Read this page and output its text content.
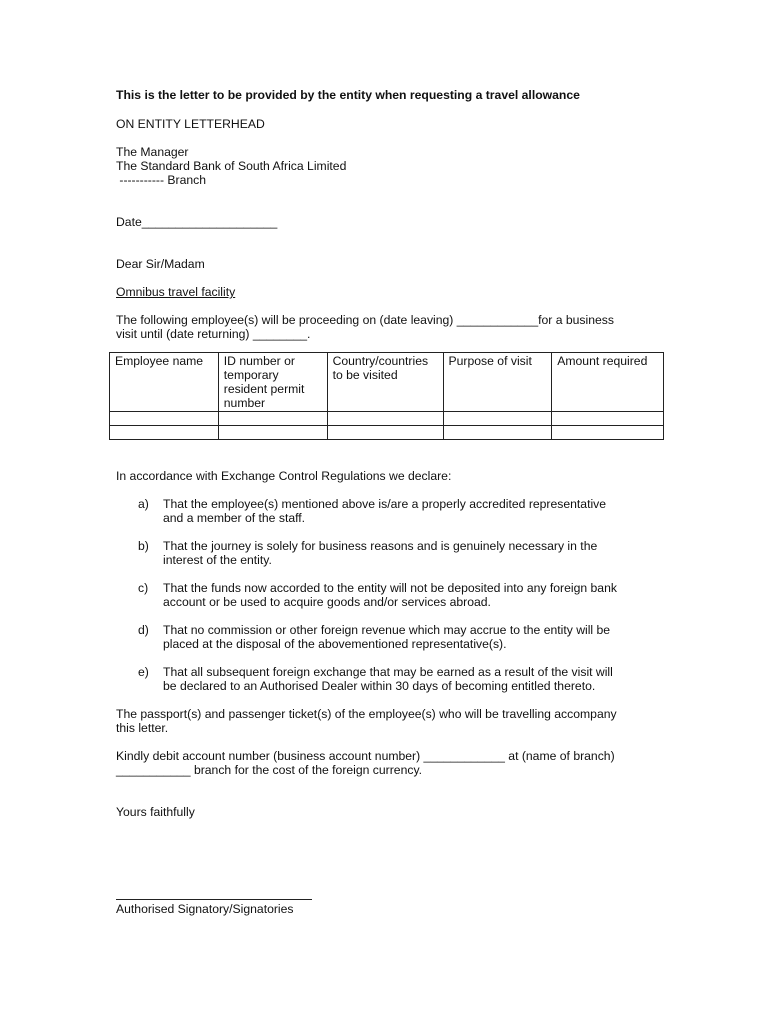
This is the letter to be provided by the entity when requesting a travel allowance
ON ENTITY LETTERHEAD
The Manager
The Standard Bank of South Africa Limited
----------- Branch
Date____________________
Dear Sir/Madam
Omnibus travel facility
The following employee(s) will be proceeding on (date leaving) ____________for a business
visit until (date returning) ________.
Employee name	ID number or temporary resident permit number	Country/countries to be visited	Purpose of visit	Amount required

In accordance with Exchange Control Regulations we declare:
a)	That the employee(s) mentioned above is/are a properly accredited representative
and a member of the staff.
b)	That the journey is solely for business reasons and is genuinely necessary in the
interest of the entity.
c)	That the funds now accorded to the entity will not be deposited into any foreign bank
account or be used to acquire goods and/or services abroad.
d)	That no commission or other foreign revenue which may accrue to the entity will be
placed at the disposal of the abovementioned representative(s).
e)	That all subsequent foreign exchange that may be earned as a result of the visit will
be declared to an Authorised Dealer within 30 days of becoming entitled thereto.
The passport(s) and passenger ticket(s) of the employee(s) who will be travelling accompany
this letter.
Kindly debit account number (business account number) ____________ at (name of branch)
___________ branch for the cost of the foreign currency.
Yours faithfully
Authorised Signatory/Signatories
